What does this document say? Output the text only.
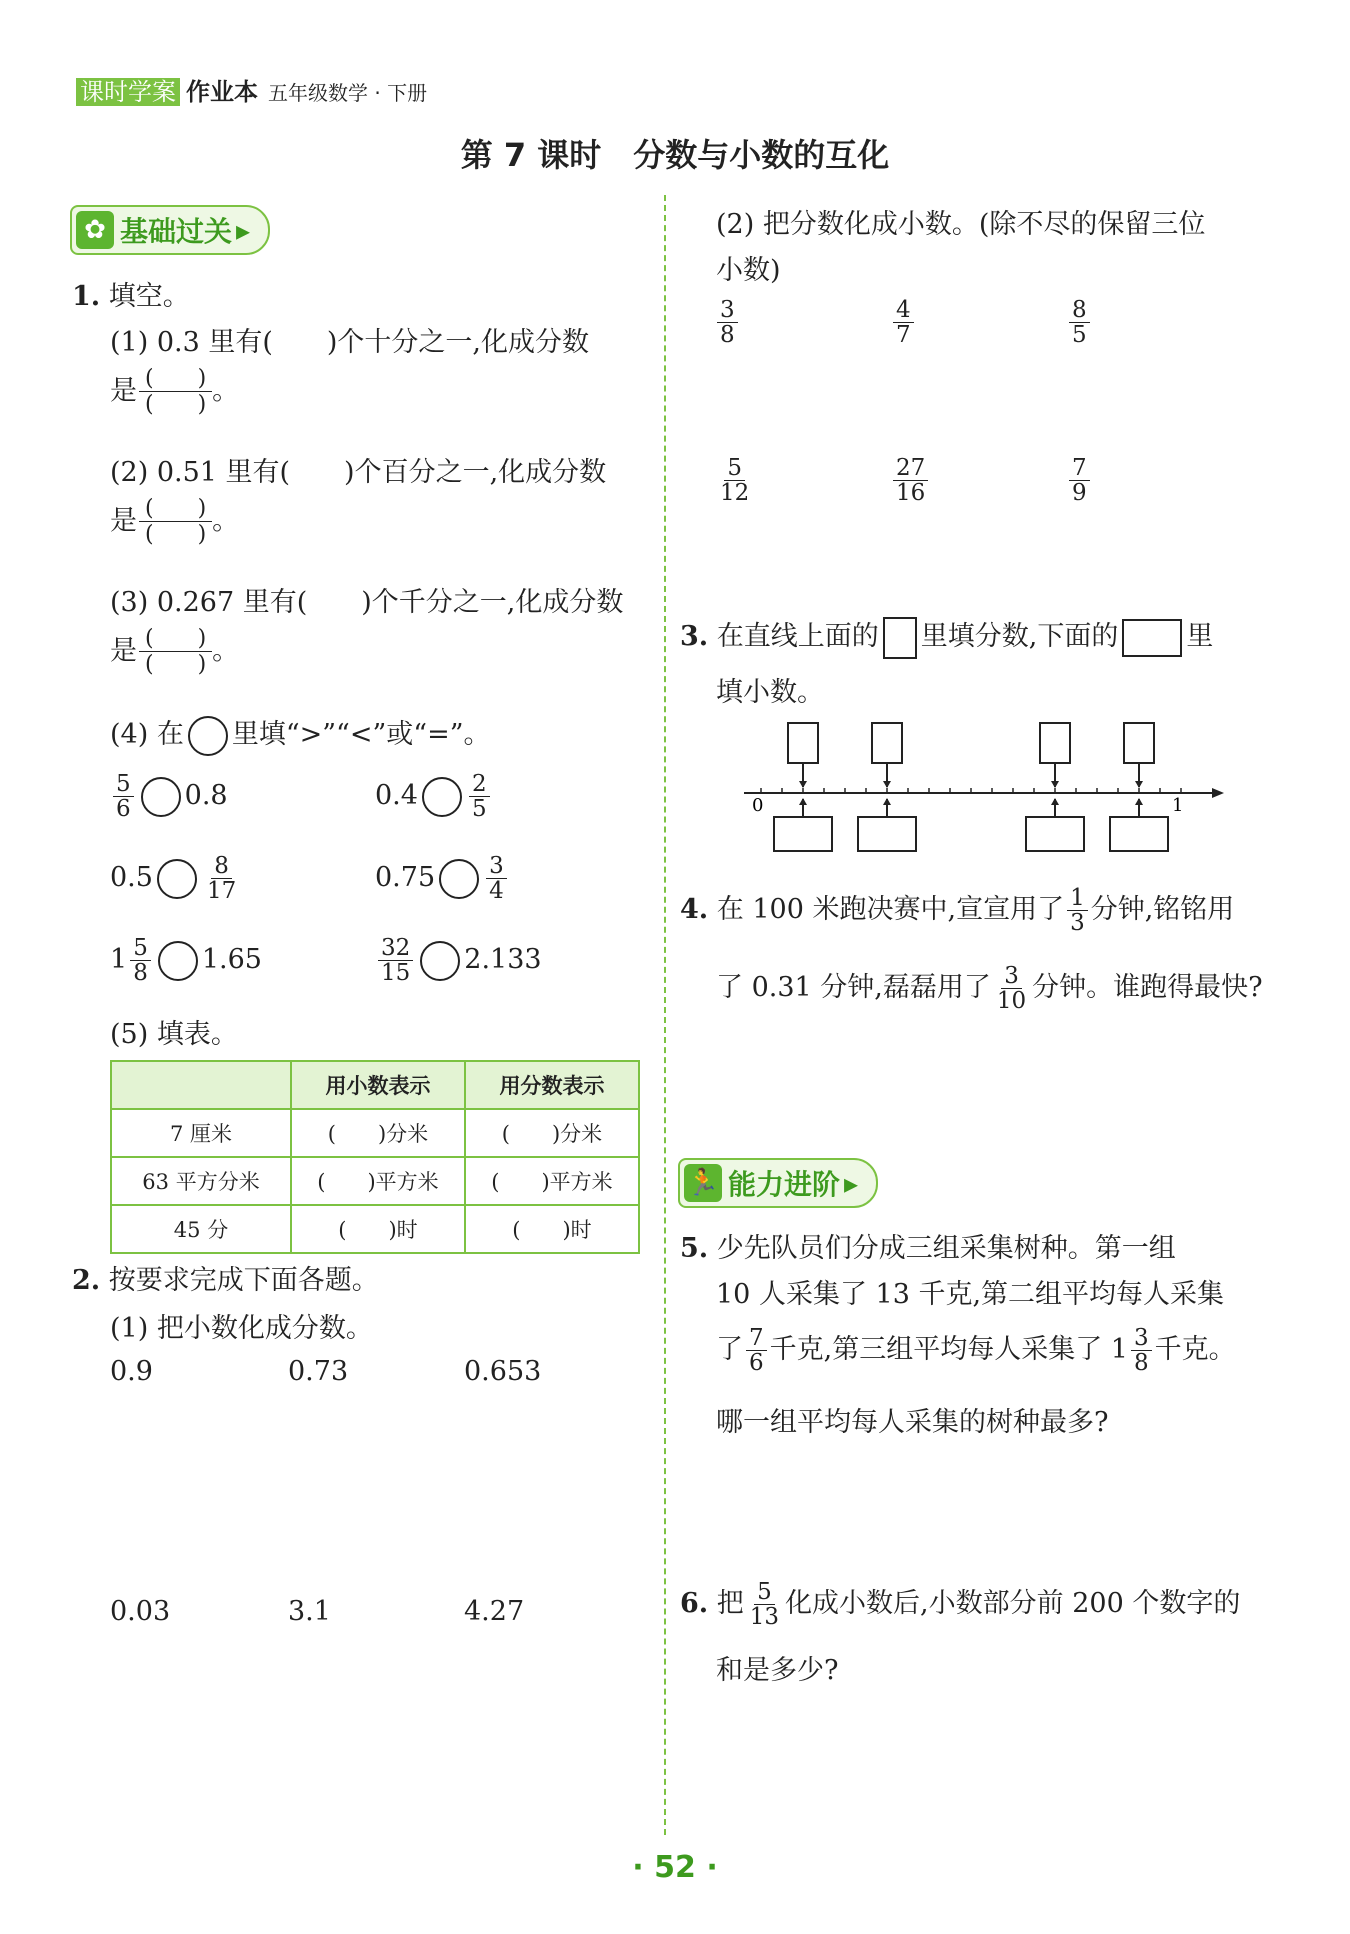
课时学案 作业本 五年级数学 · 下册
第 7 课时　分数与小数的互化
✿ 基础过关 ▸
1. 填空。
(1) 0.3 里有(　　)个十分之一,化成分数
是 (　　)
(　　) 。
(2) 0.51 里有(　　)个百分之一,化成分数
是 (　　)
(　　) 。
(3) 0.267 里有(　　)个千分之一,化成分数
是 (　　)
(　　) 。
(4) 在 里填“>”“<”或“=”。
$\frac{5}{6} 0.8$	$0.4 \frac{2}{5}$
$0.5 \frac{8}{17}$	$0.75 \frac{3}{4}$
$1 \frac{5}{8} 1.65$	$\frac{32}{15} 2.133$
(5) 填表。
	用小数表示	用分数表示
7 厘米	(　　)分米	(　　)分米
63 平方分米	(　　)平方米	(　　)平方米
45 分	(　　)时	(　　)时
2. 按要求完成下面各题。
(1) 把小数化成分数。
0.9	0.73	0.653
0.03	3.1	4.27
(2) 把分数化成小数。(除不尽的保留三位
小数)
$\frac{3}{8}$	$\frac{4}{7}$	$\frac{8}{5}$
$\frac{5}{12}$	$\frac{27}{16}$	$\frac{7}{9}$
3. 在直线上面的 里填分数,下面的	里
填小数。
0	1
4. 在 100 米跑决赛中,宣宣用了 $\frac{1}{3}$ 分钟,铭铭用
了 0.31 分钟,磊磊用了 $\frac{3}{10}$ 分钟。谁跑得最快?
🏃 能力进阶 ▸
5. 少先队员们分成三组采集树种。第一组
10 人采集了 13 千克,第二组平均每人采集
了 $\frac{7}{6}$ 千克,第三组平均每人采集了 $1 \frac{3}{8}$ 千克。
哪一组平均每人采集的树种最多?
6. 把 $\frac{5}{13}$ 化成小数后,小数部分前 200 个数字的
和是多少?
· 52 ·
